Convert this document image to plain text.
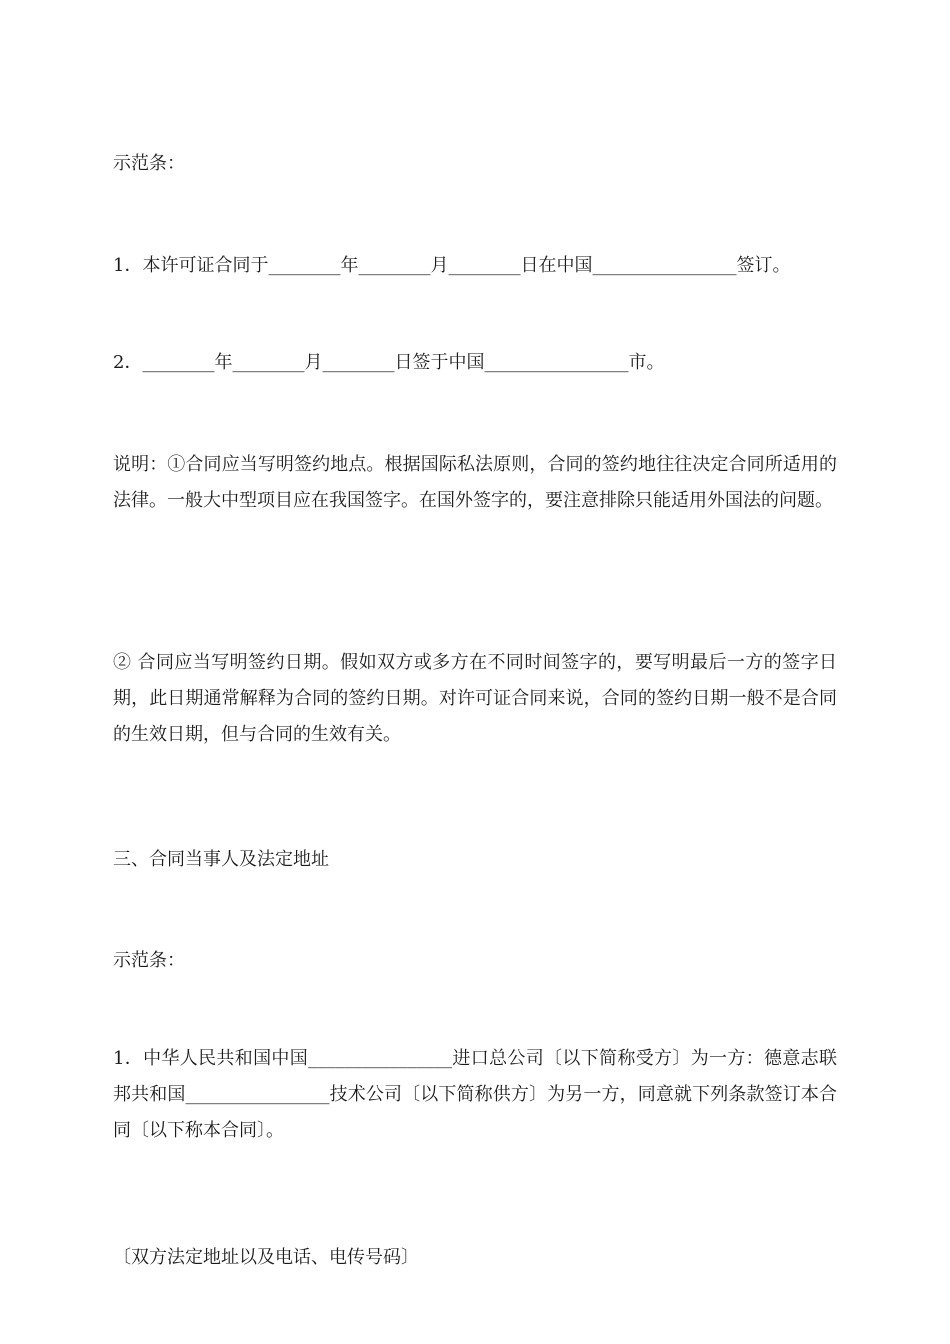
示范条：

1．本许可证合同于________年________月________日在中国________________签订。

2．________年________月________日签于中国________________市。

说明：①合同应当写明签约地点。根据国际私法原则，合同的签约地往往决定合同所适用的法律。一般大中型项目应在我国签字。在国外签字的，要注意排除只能适用外国法的问题。

② 合同应当写明签约日期。假如双方或多方在不同时间签字的，要写明最后一方的签字日期，此日期通常解释为合同的签约日期。对许可证合同来说，合同的签约日期一般不是合同的生效日期，但与合同的生效有关。

三、合同当事人及法定地址

示范条：

1．中华人民共和国中国________________进口总公司〔以下简称受方〕为一方：德意志联邦共和国________________技术公司〔以下简称供方〕为另一方，同意就下列条款签订本合同〔以下称本合同〕。

〔双方法定地址以及电话、电传号码〕
